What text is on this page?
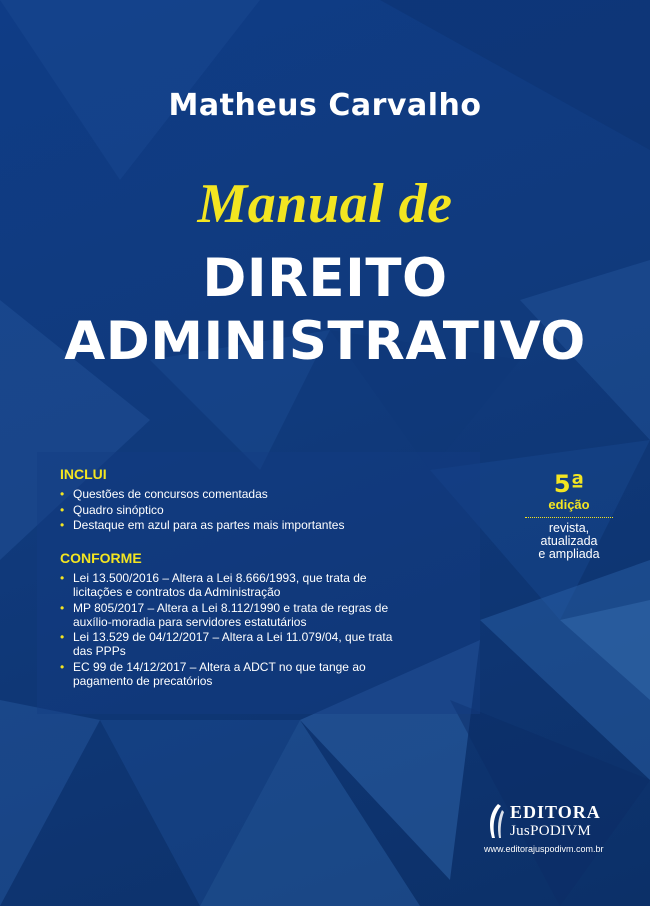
Matheus Carvalho
Manual de
DIREITO
ADMINISTRATIVO
INCLUI
• Questões de concursos comentadas
• Quadro sinóptico
• Destaque em azul para as partes mais importantes
CONFORME
• Lei 13.500/2016 – Altera a Lei 8.666/1993, que trata de
licitações e contratos da Administração
• MP 805/2017 – Altera a Lei 8.112/1990 e trata de regras de
auxílio-moradia para servidores estatutários
• Lei 13.529 de 04/12/2017 – Altera a Lei 11.079/04, que trata
das PPPs
• EC 99 de 14/12/2017 – Altera a ADCT no que tange ao
pagamento de precatórios
5ª
edição
revista,
atualizada
e ampliada
EDITORA
JusPODIVM
www.editorajuspodivm.com.br
